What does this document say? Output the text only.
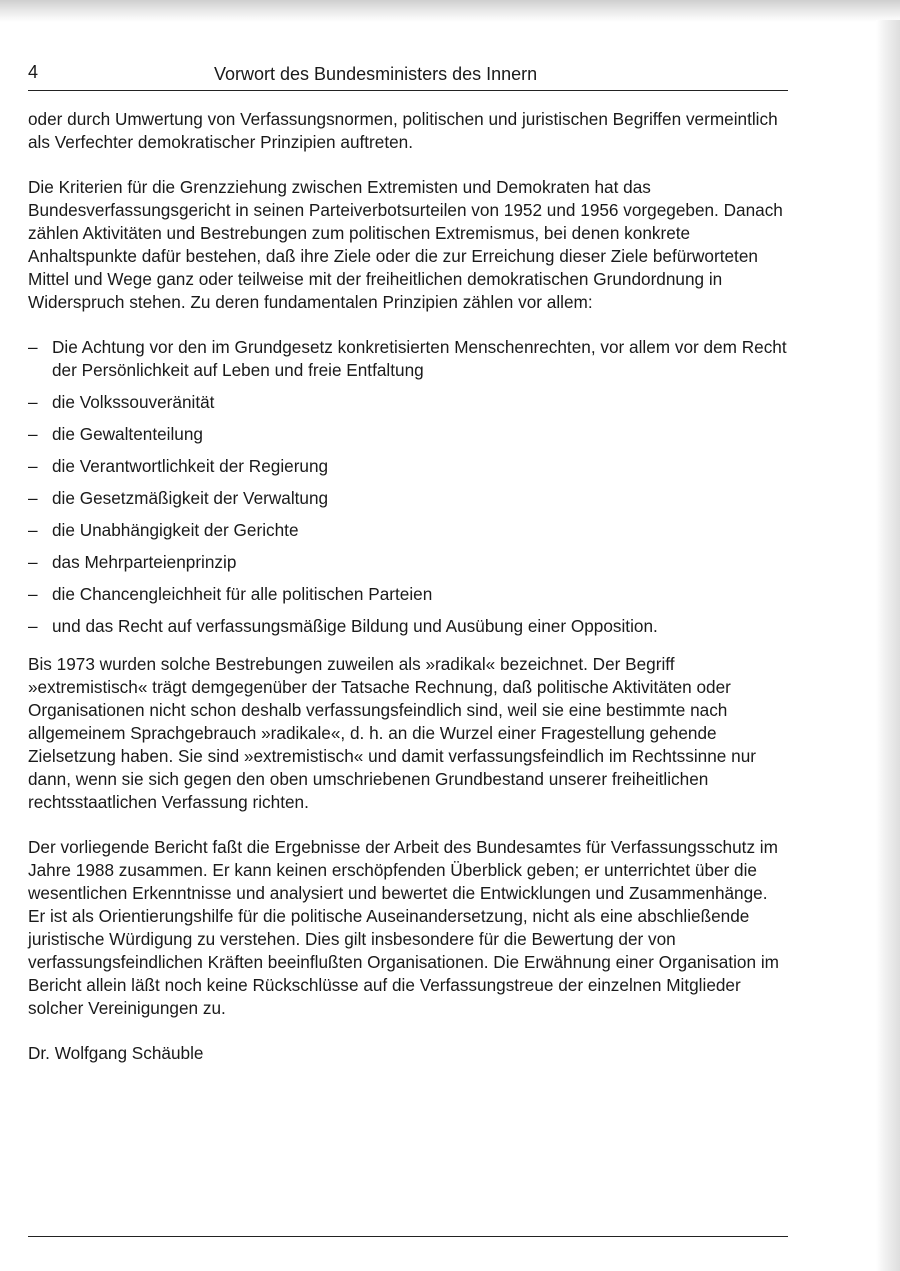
4	Vorwort des Bundesministers des Innern

oder durch Umwertung von Verfassungsnormen, politischen und juristischen Begriffen vermeintlich als Verfechter demokratischer Prinzipien auftreten.

Die Kriterien für die Grenzziehung zwischen Extremisten und Demokraten hat das Bundesverfassungsgericht in seinen Parteiverbotsurteilen von 1952 und 1956 vorgegeben. Danach zählen Aktivitäten und Bestrebungen zum politischen Extremismus, bei denen konkrete Anhaltspunkte dafür bestehen, daß ihre Ziele oder die zur Erreichung dieser Ziele befürworteten Mittel und Wege ganz oder teilweise mit der freiheitlichen demokratischen Grundordnung in Widerspruch stehen. Zu deren fundamentalen Prinzipien zählen vor allem:

– Die Achtung vor den im Grundgesetz konkretisierten Menschenrechten, vor allem vor dem Recht der Persönlichkeit auf Leben und freie Entfaltung
– die Volkssouveränität
– die Gewaltenteilung
– die Verantwortlichkeit der Regierung
– die Gesetzmäßigkeit der Verwaltung
– die Unabhängigkeit der Gerichte
– das Mehrparteienprinzip
– die Chancengleichheit für alle politischen Parteien
– und das Recht auf verfassungsmäßige Bildung und Ausübung einer Opposition.

Bis 1973 wurden solche Bestrebungen zuweilen als »radikal« bezeichnet. Der Begriff »extremistisch« trägt demgegenüber der Tatsache Rechnung, daß politische Aktivitäten oder Organisationen nicht schon deshalb verfassungsfeindlich sind, weil sie eine bestimmte nach allgemeinem Sprachgebrauch »radikale«, d. h. an die Wurzel einer Fragestellung gehende Zielsetzung haben. Sie sind »extremistisch« und damit verfassungsfeindlich im Rechtssinne nur dann, wenn sie sich gegen den oben umschriebenen Grundbestand unserer freiheitlichen rechtsstaatlichen Verfassung richten.

Der vorliegende Bericht faßt die Ergebnisse der Arbeit des Bundesamtes für Verfassungsschutz im Jahre 1988 zusammen. Er kann keinen erschöpfenden Überblick geben; er unterrichtet über die wesentlichen Erkenntnisse und analysiert und bewertet die Entwicklungen und Zusammenhänge. Er ist als Orientierungshilfe für die politische Auseinandersetzung, nicht als eine abschließende juristische Würdigung zu verstehen. Dies gilt insbesondere für die Bewertung der von verfassungsfeindlichen Kräften beeinflußten Organisationen. Die Erwähnung einer Organisation im Bericht allein läßt noch keine Rückschlüsse auf die Verfassungstreue der einzelnen Mitglieder solcher Vereinigungen zu.

Dr. Wolfgang Schäuble
